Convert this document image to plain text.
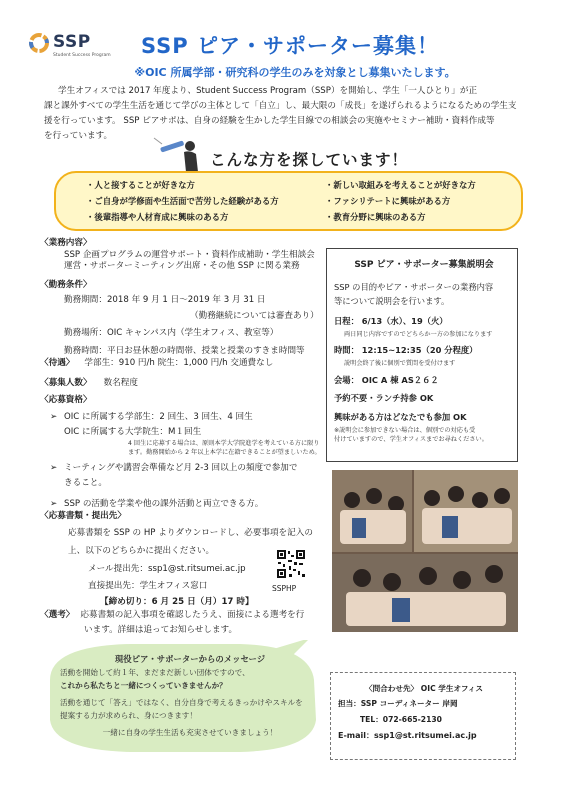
SSP
Student Success Program	SSP ピア・サポーター募集！
※OIC 所属学部・研究科の学生のみを対象とし募集いたします。
学生オフィスでは 2017 年度より、Student Success Program（SSP）を開始し、学生「一人ひとり」が正
課と課外すべての学生生活を通じて学びの主体として「自立」し、最大限の「成長」を遂げられるようになるための学生支
援を行っています。 SSP ピアサポは、自身の経験を生かした学生目線での相談会の実施やセミナー補助・資料作成等
を行っています。
こんな方を探しています！
・人と接することが好きな方
・ご自身が学修面や生活面で苦労した経験がある方
・後輩指導や人材育成に興味のある方
・新しい取組みを考えることが好きな方
・ファシリテートに興味がある方
・教育分野に興味のある方
〈業務内容〉
SSP 企画プログラムの運営サポート・資料作成補助・学生相談会
運営・サポーターミーティング出席・その他 SSP に関る業務
〈勤務条件〉
勤務期間：2018 年 9 月 1 日～2019 年 3 月 31 日
（勤務継続については審査あり）
勤務場所：OIC キャンパス内（学生オフィス、教室等）
勤務時間：平日お昼休憩の時間帯、授業と授業のすきま時間等
〈待遇〉 学部生：910 円/h 院生：1,000 円/h 交通費なし
〈募集人数〉 数名程度
〈応募資格〉
➢ OIC に所属する学部生：2 回生、3 回生、4 回生
OIC に所属する大学院生：M１回生
4 回生に応募する場合は、原則本学大学院進学を考えている方に限り
ます。勤務開始から 2 年以上本学に在籍できることが望ましいため。
➢ ミーティングや講習会準備など月 2-3 回以上の頻度で参加で
きること。
➢ SSP の活動を学業や他の課外活動と両立できる方。
〈応募書類・提出先〉
応募書類を SSP の HP よりダウンロードし、必要事項を記入の
上、以下のどちらかに提出ください。
メール提出先：ssp1@st.ritsumei.ac.jp
直接提出先：学生オフィス窓口
【締め切り：6 月 25 日（月）17 時】
SSPHP
〈選考〉 応募書類の記入事項を確認したうえ、面接による選考を行
います。詳細は追ってお知らせします。
SSP ピア・サポーター募集説明会
SSP の目的やピア・サポーターの業務内容
等について説明会を行います。
日程： 6/13（水）、19（火）
両日同じ内容ですのでどちらか一方の参加になります
時間： 12:15~12:35（20 分程度）
説明会終了後に個別で質問を受付けます
会場： OIC A 棟 AS２６２
予約不要・ランチ持参 OK
興味がある方はどなたでも参加 OK
※説明会に参加できない場合は、個別での対応も受
付けていますので、学生オフィスまでお尋ねください。
現役ピア・サポーターからのメッセージ
活動を開始して約１年、まだまだ新しい団体ですので、
これから私たちと一緒につくっていきませんか？
活動を通じて「答え」ではなく、自分自身で考えるきっかけやスキルを
提案する力が求められ、身につきます！
一緒に自身の学生生活も充実させていきましょう！
〈問合わせ先〉 OIC 学生オフィス
担当：SSP コーディネーター 岸岡
TEL：072-665-2130
E-mail：ssp1@st.ritsumei.ac.jp
